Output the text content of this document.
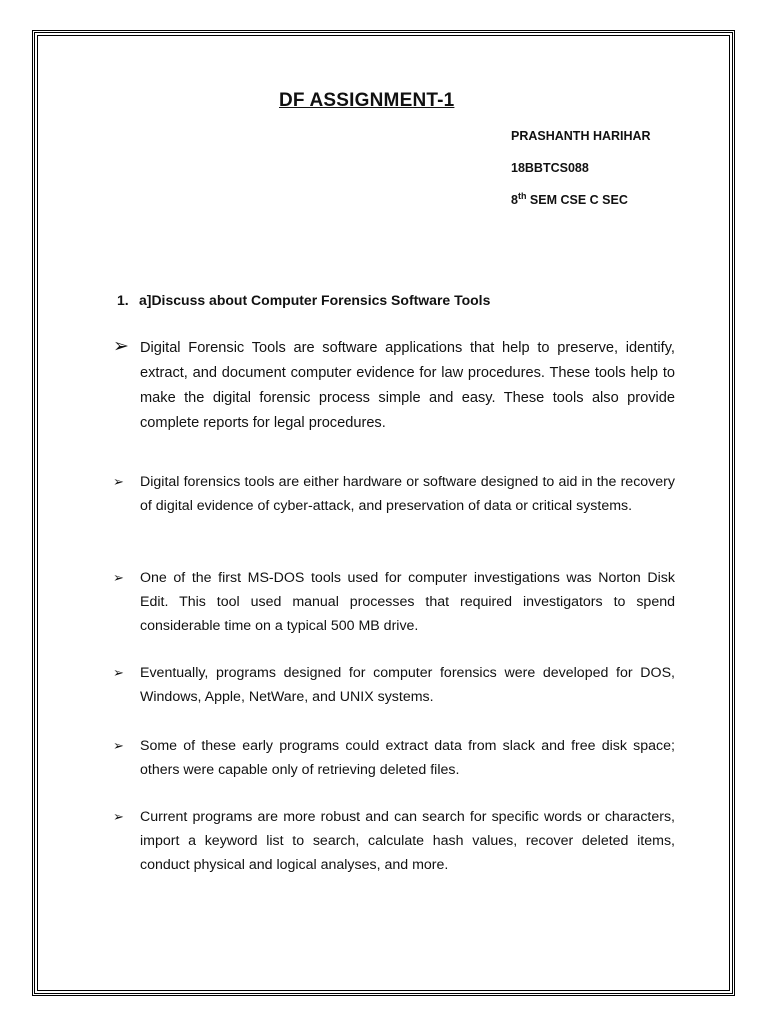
DF ASSIGNMENT-1
PRASHANTH HARIHAR
18BBTCS088
8th SEM CSE C SEC
1. a]Discuss about Computer Forensics Software Tools
➢ Digital Forensic Tools are software applications that help to preserve, identify, extract, and document computer evidence for law procedures. These tools help to make the digital forensic process simple and easy. These tools also provide complete reports for legal procedures.
➢ Digital forensics tools are either hardware or software designed to aid in the recovery of digital evidence of cyber-attack, and preservation of data or critical systems.
➢ One of the first MS-DOS tools used for computer investigations was Norton Disk Edit. This tool used manual processes that required investigators to spend considerable time on a typical 500 MB drive.
➢ Eventually, programs designed for computer forensics were developed for DOS, Windows, Apple, NetWare, and UNIX systems.
➢ Some of these early programs could extract data from slack and free disk space; others were capable only of retrieving deleted files.
➢ Current programs are more robust and can search for specific words or characters, import a keyword list to search, calculate hash values, recover deleted items, conduct physical and logical analyses, and more.
